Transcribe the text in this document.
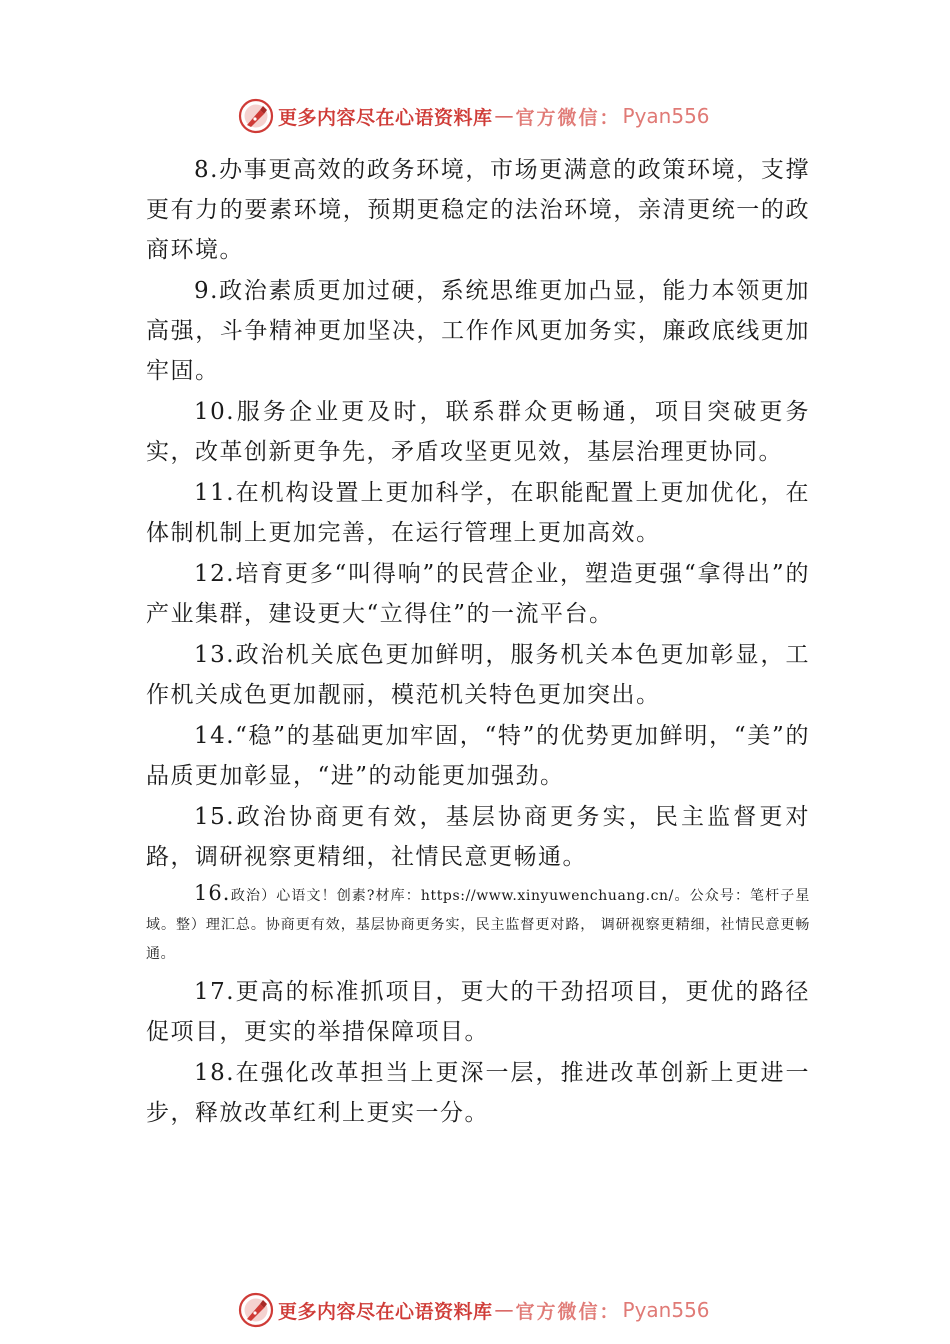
更多内容尽在心语资料库 — 官方微信： Pyan556

8.办事更高效的政务环境，市场更满意的政策环境，支撑更有力的要素环境，预期更稳定的法治环境，亲清更统一的政商环境。

9.政治素质更加过硬，系统思维更加凸显，能力本领更加高强，斗争精神更加坚决，工作作风更加务实，廉政底线更加牢固。

10.服务企业更及时，联系群众更畅通，项目突破更务实，改革创新更争先，矛盾攻坚更见效，基层治理更协同。

11.在机构设置上更加科学，在职能配置上更加优化，在体制机制上更加完善，在运行管理上更加高效。

12.培育更多“叫得响”的民营企业，塑造更强“拿得出”的产业集群，建设更大“立得住”的一流平台。

13.政治机关底色更加鲜明，服务机关本色更加彰显，工作机关成色更加靓丽，模范机关特色更加突出。

14.“稳”的基础更加牢固，“特”的优势更加鲜明，“美”的品质更加彰显，“进”的动能更加强劲。

15.政治协商更有效，基层协商更务实，民主监督更对路，调研视察更精细，社情民意更畅通。

16.政治）心语文！创素?材库：https://www.xinyuwenchuang.cn/。公众号：笔杆子星域。整）理汇总。协商更有效，基层协商更务实，民主监督更对路， 调研视察更精细，社情民意更畅通。

17.更高的标准抓项目，更大的干劲招项目，更优的路径促项目，更实的举措保障项目。

18.在强化改革担当上更深一层，推进改革创新上更进一步，释放改革红利上更实一分。

更多内容尽在心语资料库 — 官方微信： Pyan556
